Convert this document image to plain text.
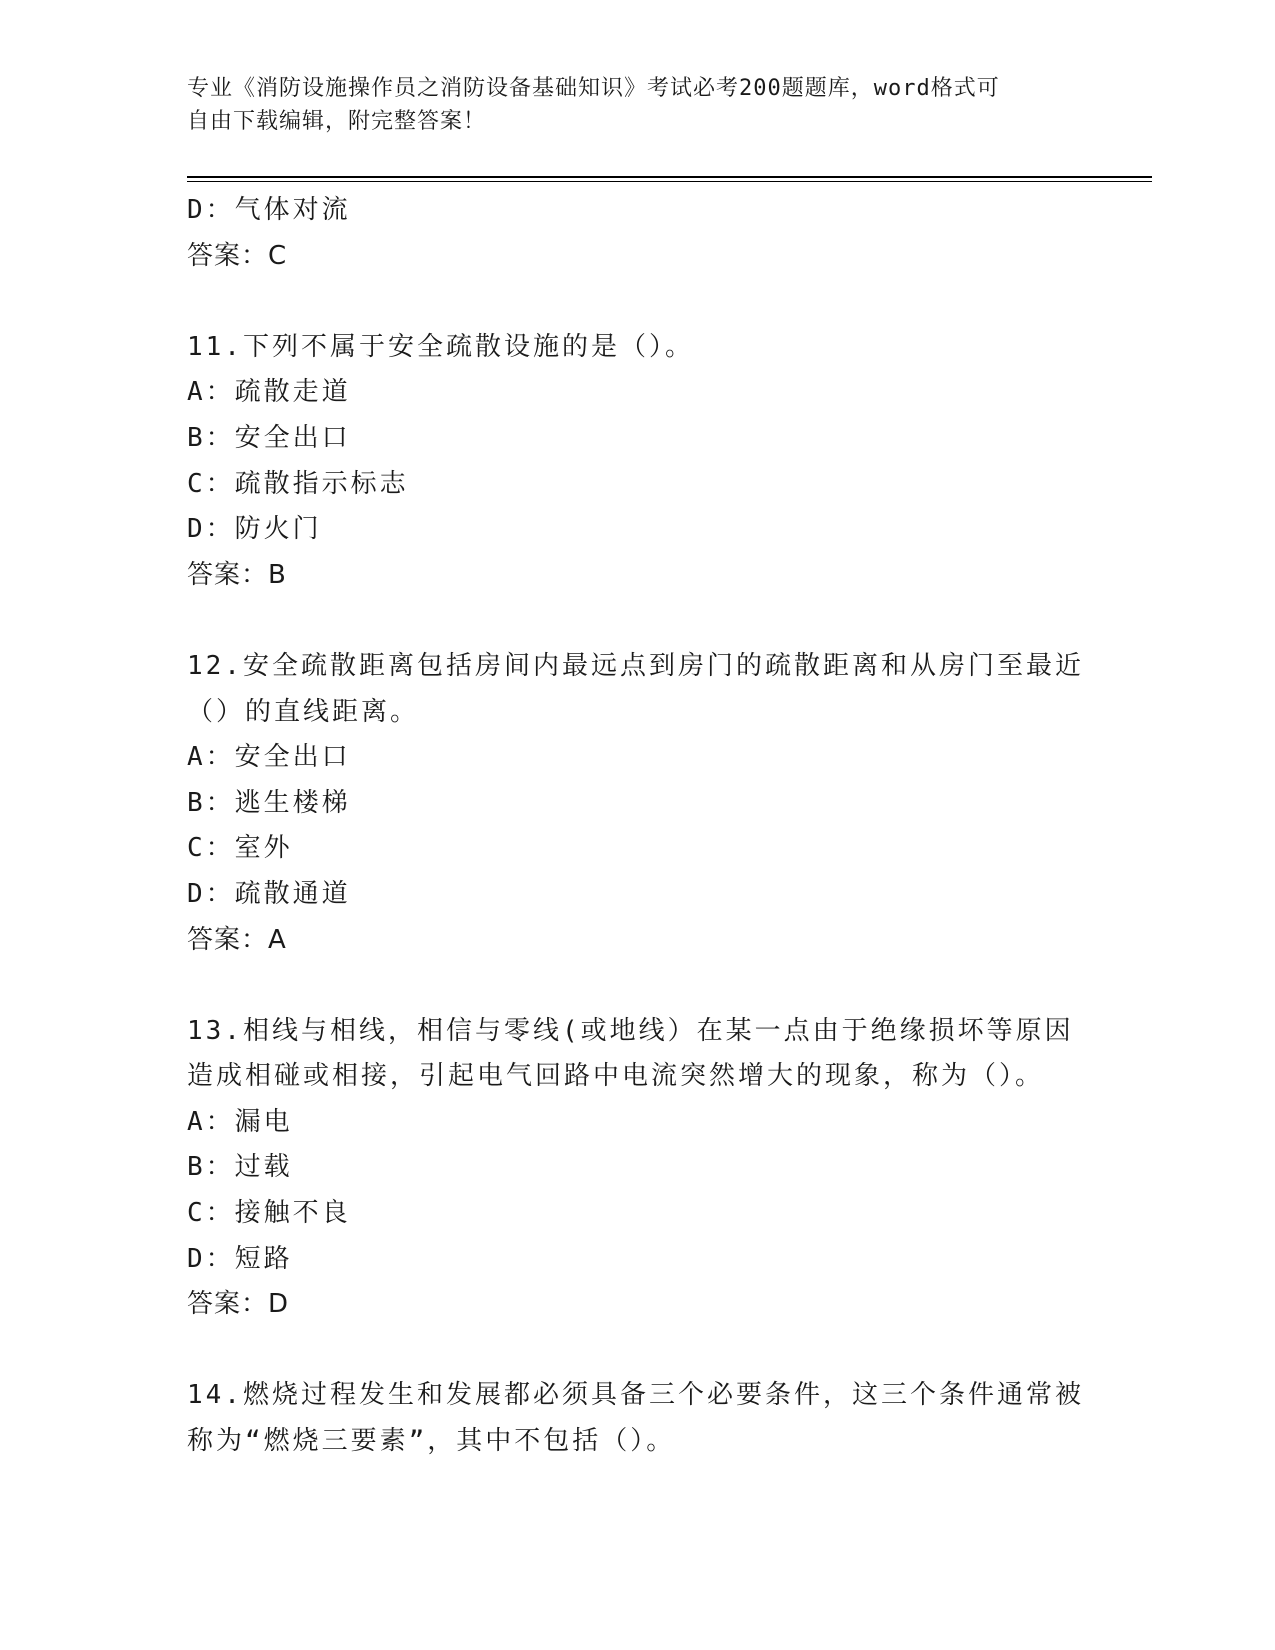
专业《消防设施操作员之消防设备基础知识》考试必考200题题库，word格式可
自由下载编辑，附完整答案！
D：气体对流
答案：C
11.下列不属于安全疏散设施的是（）。
A：疏散走道
B：安全出口
C：疏散指示标志
D：防火门
答案：B
12.安全疏散距离包括房间内最远点到房门的疏散距离和从房门至最近
（）的直线距离。
A：安全出口
B：逃生楼梯
C：室外
D：疏散通道
答案：A
13.相线与相线，相信与零线(或地线）在某一点由于绝缘损坏等原因
造成相碰或相接，引起电气回路中电流突然增大的现象，称为（）。
A：漏电
B：过载
C：接触不良
D：短路
答案：D
14.燃烧过程发生和发展都必须具备三个必要条件，这三个条件通常被
称为“燃烧三要素”，其中不包括（）。
